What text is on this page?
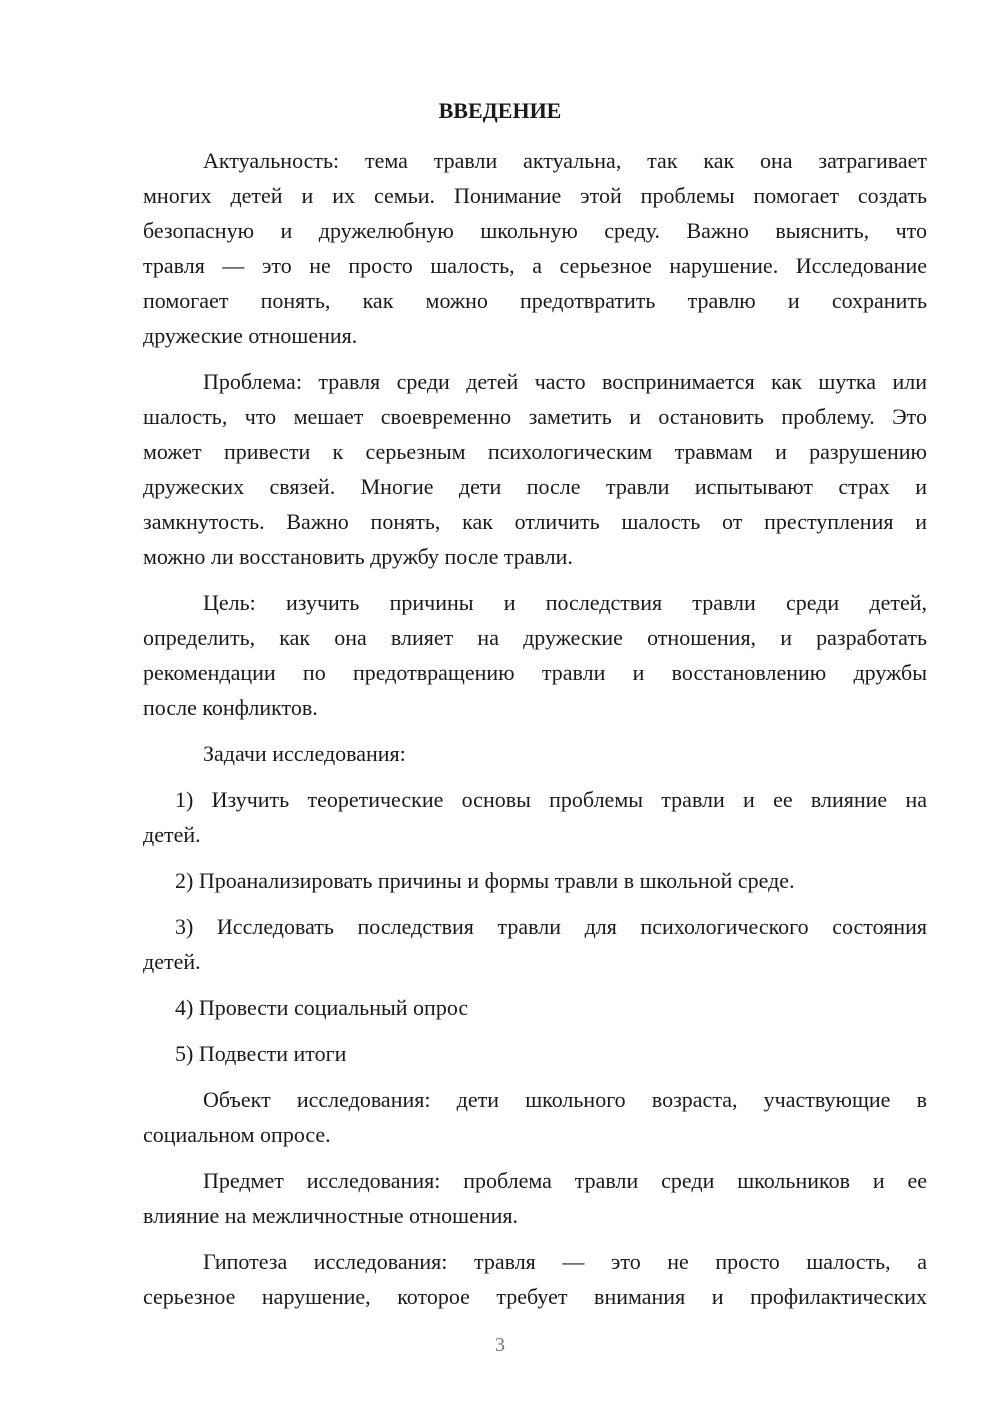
ВВЕДЕНИЕ
Актуальность: тема травли актуальна, так как она затрагивает
многих детей и их семьи. Понимание этой проблемы помогает создать
безопасную и дружелюбную школьную среду. Важно выяснить, что
травля — это не просто шалость, а серьезное нарушение. Исследование
помогает понять, как можно предотвратить травлю и сохранить
дружеские отношения.
Проблема: травля среди детей часто воспринимается как шутка или
шалость, что мешает своевременно заметить и остановить проблему. Это
может привести к серьезным психологическим травмам и разрушению
дружеских связей. Многие дети после травли испытывают страх и
замкнутость. Важно понять, как отличить шалость от преступления и
можно ли восстановить дружбу после травли.
Цель: изучить причины и последствия травли среди детей,
определить, как она влияет на дружеские отношения, и разработать
рекомендации по предотвращению травли и восстановлению дружбы
после конфликтов.
Задачи исследования:
1) Изучить теоретические основы проблемы травли и ее влияние на
детей.
2) Проанализировать причины и формы травли в школьной среде.
3) Исследовать последствия травли для психологического состояния
детей.
4) Провести социальный опрос
5) Подвести итоги
Объект исследования: дети школьного возраста, участвующие в
социальном опросе.
Предмет исследования: проблема травли среди школьников и ее
влияние на межличностные отношения.
Гипотеза исследования: травля — это не просто шалость, а
серьезное нарушение, которое требует внимания и профилактических
3
